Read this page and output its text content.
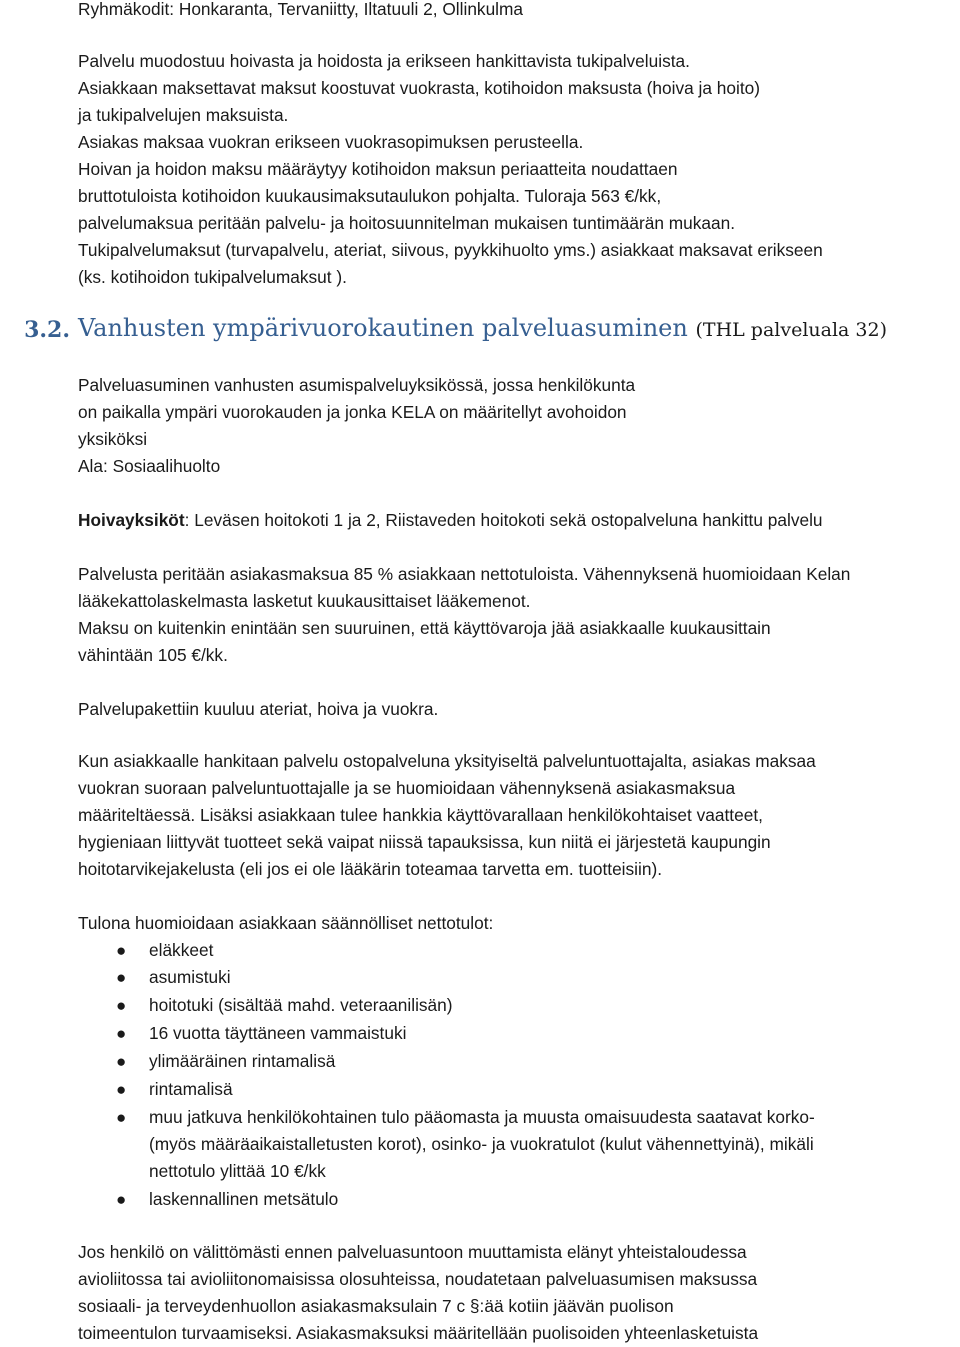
Ryhmäkodit: Honkaranta, Tervaniitty, Iltatuuli 2, Ollinkulma
Palvelu muodostuu hoivasta ja hoidosta ja erikseen hankittavista tukipalveluista.
Asiakkaan maksettavat maksut koostuvat vuokrasta, kotihoidon maksusta (hoiva ja hoito)
ja tukipalvelujen maksuista.
Asiakas maksaa vuokran erikseen vuokrasopimuksen perusteella.
Hoivan ja hoidon maksu määräytyy kotihoidon maksun periaatteita noudattaen
bruttotuloista kotihoidon kuukausimaksutaulukon pohjalta. Tuloraja 563 €/kk,
palvelumaksua peritään palvelu- ja hoitosuunnitelman mukaisen tuntimäärän mukaan.
Tukipalvelumaksut (turvapalvelu, ateriat, siivous, pyykkihuolto yms.) asiakkaat maksavat erikseen
(ks. kotihoidon tukipalvelumaksut ).
3.2. Vanhusten ympärivuorokautinen palveluasuminen (THL palveluala 32)
Palveluasuminen vanhusten asumispalveluyksikössä, jossa henkilökunta
on paikalla ympäri vuorokauden ja jonka KELA on määritellyt avohoidon
yksiköksi
Ala: Sosiaalihuolto
Hoivayksiköt: Leväsen hoitokoti 1 ja 2, Riistaveden hoitokoti sekä ostopalveluna hankittu palvelu
Palvelusta peritään asiakasmaksua 85 % asiakkaan nettotuloista. Vähennyksenä huomioidaan Kelan
lääkekattolaskelmasta lasketut kuukausittaiset lääkemenot.
Maksu on kuitenkin enintään sen suuruinen, että käyttövaroja jää asiakkaalle kuukausittain
vähintään 105 €/kk.
Palvelupakettiin kuuluu ateriat, hoiva ja vuokra.
Kun asiakkaalle hankitaan palvelu ostopalveluna yksityiseltä palveluntuottajalta, asiakas maksaa
vuokran suoraan palveluntuottajalle ja se huomioidaan vähennyksenä asiakasmaksua
määriteltäessä. Lisäksi asiakkaan tulee hankkia käyttövarallaan henkilökohtaiset vaatteet,
hygieniaan liittyvät tuotteet sekä vaipat niissä tapauksissa, kun niitä ei järjestetä kaupungin
hoitotarvikejakelusta (eli jos ei ole lääkärin toteamaa tarvetta em. tuotteisiin).
Tulona huomioidaan asiakkaan säännölliset nettotulot:
● eläkkeet
● asumistuki
● hoitotuki (sisältää mahd. veteraanilisän)
● 16 vuotta täyttäneen vammaistuki
● ylimääräinen rintamalisä
● rintamalisä
● muu jatkuva henkilökohtainen tulo pääomasta ja muusta omaisuudesta saatavat korko-
(myös määräaikaistalletusten korot), osinko- ja vuokratulot (kulut vähennettyinä), mikäli
nettotulo ylittää 10 €/kk
● laskennallinen metsätulo
Jos henkilö on välittömästi ennen palveluasuntoon muuttamista elänyt yhteistaloudessa
avioliitossa tai avioliitonomaisissa olosuhteissa, noudatetaan palveluasumisen maksussa
sosiaali- ja terveydenhuollon asiakasmaksulain 7 c §:ää kotiin jäävän puolison
toimeentulon turvaamiseksi. Asiakasmaksuksi määritellään puolisoiden yhteenlasketuista
